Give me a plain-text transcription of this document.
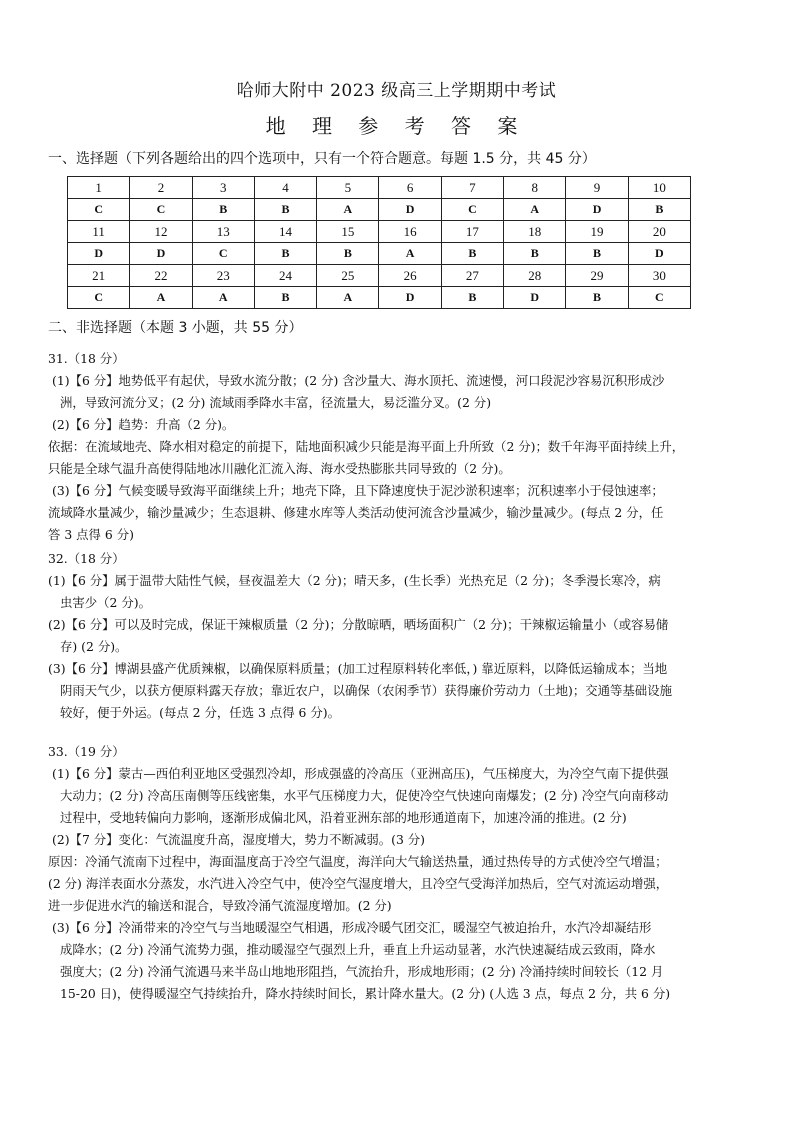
哈师大附中 2023 级高三上学期期中考试
地 理 参 考 答 案
一、选择题（下列各题给出的四个选项中，只有一个符合题意。每题 1.5 分，共 45 分）
1	2	3	4	5	6	7	8	9	10
C	C	B	B	A	D	C	A	D	B
11	12	13	14	15	16	17	18	19	20
D	D	C	B	B	A	B	B	B	D
21	22	23	24	25	26	27	28	29	30
C	A	A	B	A	D	B	D	B	C
二、非选择题（本题 3 小题，共 55 分）
31.（18 分）
(1)【6 分】地势低平有起伏，导致水流分散；(2 分) 含沙量大、海水顶托、流速慢，河口段泥沙容易沉积形成沙
洲，导致河流分叉；(2 分) 流域雨季降水丰富，径流量大，易泛滥分叉。(2 分)
(2)【6 分】趋势：升高（2 分)。
依据：在流域地壳、降水相对稳定的前提下，陆地面积减少只能是海平面上升所致（2 分)；数千年海平面持续上升，
只能是全球气温升高使得陆地冰川融化汇流入海、海水受热膨胀共同导致的（2 分)。
(3)【6 分】气候变暖导致海平面继续上升；地壳下降，且下降速度快于泥沙淤积速率；沉积速率小于侵蚀速率；
流域降水量减少，输沙量减少；生态退耕、修建水库等人类活动使河流含沙量减少，输沙量减少。(每点 2 分，任
答 3 点得 6 分)
32.（18 分）
(1)【6 分】属于温带大陆性气候，昼夜温差大（2 分)；晴天多，(生长季）光热充足（2 分)；冬季漫长寒冷，病
虫害少（2 分)。
(2)【6 分】可以及时完成，保证干辣椒质量（2 分)；分散晾晒，晒场面积广（2 分)；干辣椒运输量小（或容易储
存) (2 分)。
(3)【6 分】博湖县盛产优质辣椒，以确保原料质量；(加工过程原料转化率低，) 靠近原料，以降低运输成本；当地
阴雨天气少，以获方便原料露天存放；靠近农户，以确保（农闲季节）获得廉价劳动力（土地)；交通等基础设施
较好，便于外运。(每点 2 分，任选 3 点得 6 分)。
33.（19 分）
(1)【6 分】蒙古—西伯利亚地区受强烈冷却，形成强盛的冷高压（亚洲高压)，气压梯度大，为冷空气南下提供强
大动力；(2 分) 冷高压南侧等压线密集，水平气压梯度力大，促使冷空气快速向南爆发；(2 分) 冷空气向南移动
过程中，受地转偏向力影响，逐渐形成偏北风，沿着亚洲东部的地形通道南下，加速冷涌的推进。(2 分)
(2)【7 分】变化：气流温度升高，湿度增大，势力不断减弱。(3 分)
原因：冷涌气流南下过程中，海面温度高于冷空气温度，海洋向大气输送热量，通过热传导的方式使冷空气增温；
(2 分) 海洋表面水分蒸发，水汽进入冷空气中，使冷空气湿度增大，且冷空气受海洋加热后，空气对流运动增强，
进一步促进水汽的输送和混合，导致冷涌气流湿度增加。(2 分)
(3)【6 分】冷涌带来的冷空气与当地暖湿空气相遇，形成冷暖气团交汇，暖湿空气被迫抬升，水汽冷却凝结形
成降水；(2 分) 冷涌气流势力强，推动暖湿空气强烈上升，垂直上升运动显著，水汽快速凝结成云致雨，降水
强度大；(2 分) 冷涌气流遇马来半岛山地地形阻挡，气流抬升，形成地形雨；(2 分) 冷涌持续时间较长（12 月
15-20 日)，使得暖湿空气持续抬升，降水持续时间长，累计降水量大。(2 分) (人选 3 点，每点 2 分，共 6 分)
